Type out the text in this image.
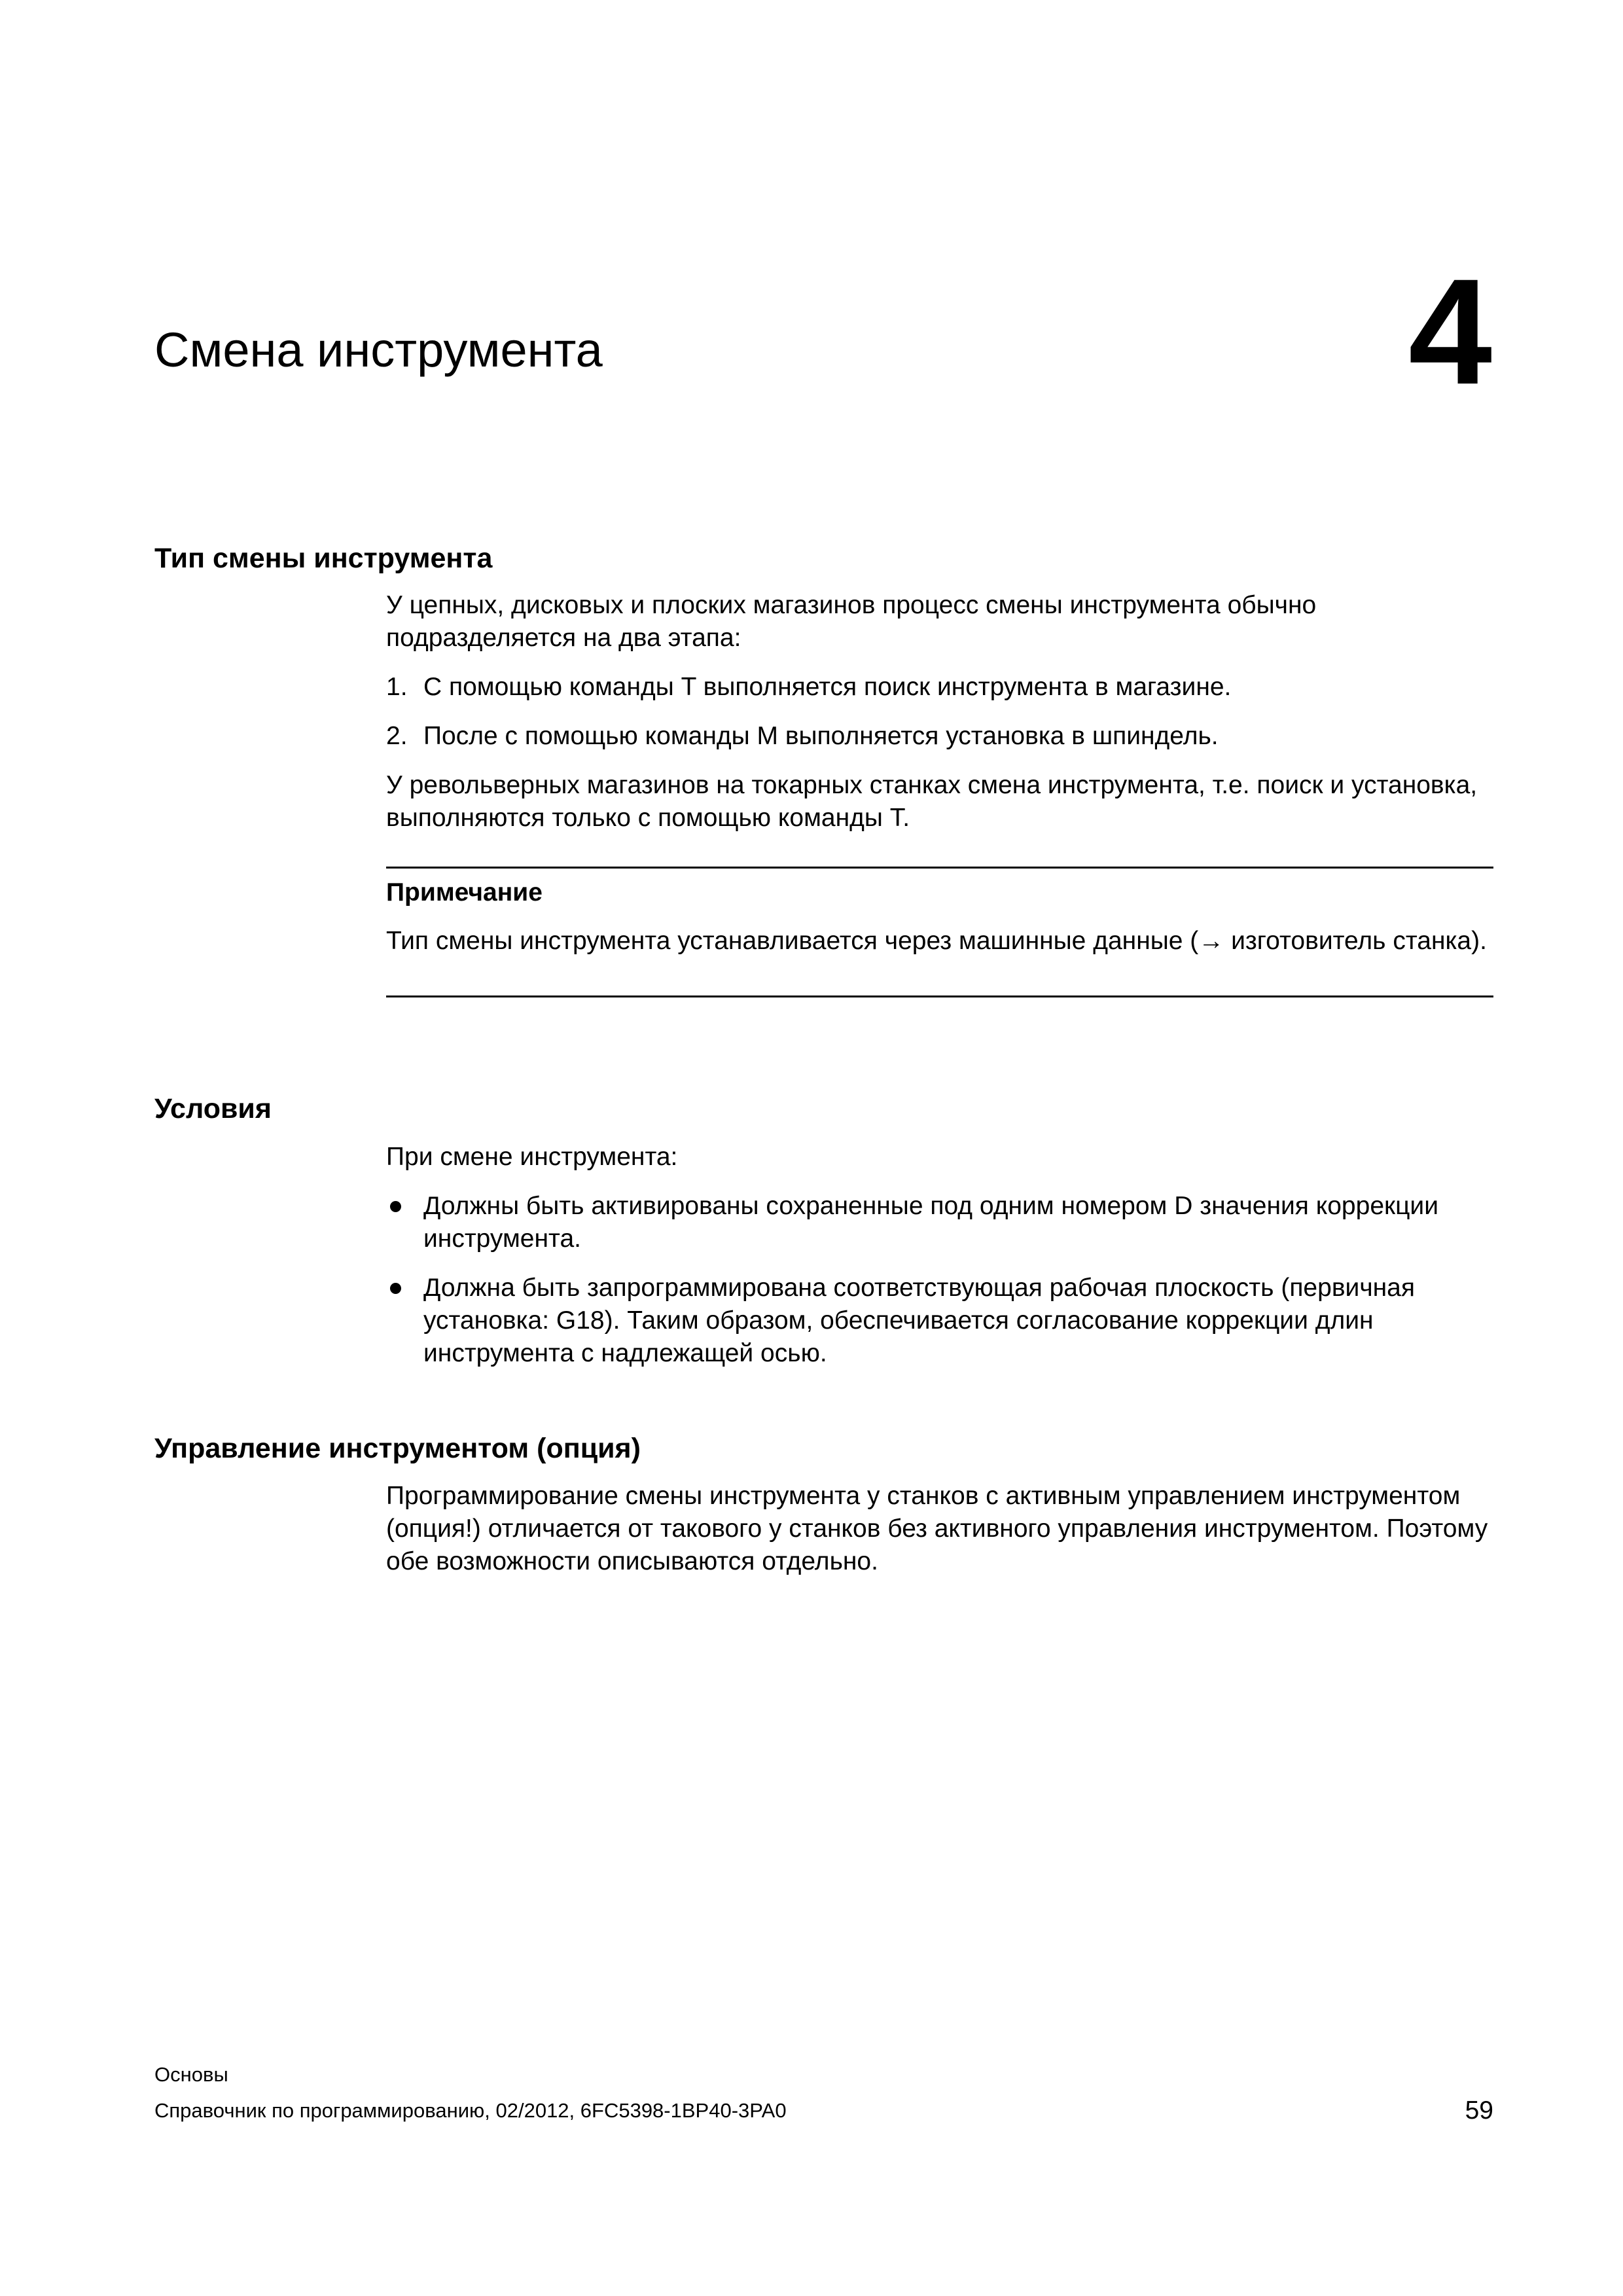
Смена инструмента	4
Тип смены инструмента

У цепных, дисковых и плоских магазинов процесс смены инструмента обычно подразделяется на два этапа:

1. С помощью команды T выполняется поиск инструмента в магазине.
2. После с помощью команды M выполняется установка в шпиндель.

У револьверных магазинов на токарных станках смена инструмента, т.е. поиск и установка, выполняются только с помощью команды T.

Примечание
Тип смены инструмента устанавливается через машинные данные (→ изготовитель станка).
Условия

При смене инструмента:

Должны быть активированы сохраненные под одним номером D значения коррекции инструмента.
Должна быть запрограммирована соответствующая рабочая плоскость (первичная установка: G18). Таким образом, обеспечивается согласование коррекции длин инструмента с надлежащей осью.
Управление инструментом (опция)
Программирование смены инструмента у станков с активным управлением инструментом (опция!) отличается от такового у станков без активного управления инструментом. Поэтому обе возможности описываются отдельно.
Основы
Справочник по программированию, 02/2012, 6FC5398-1BP40-3PA0	59
